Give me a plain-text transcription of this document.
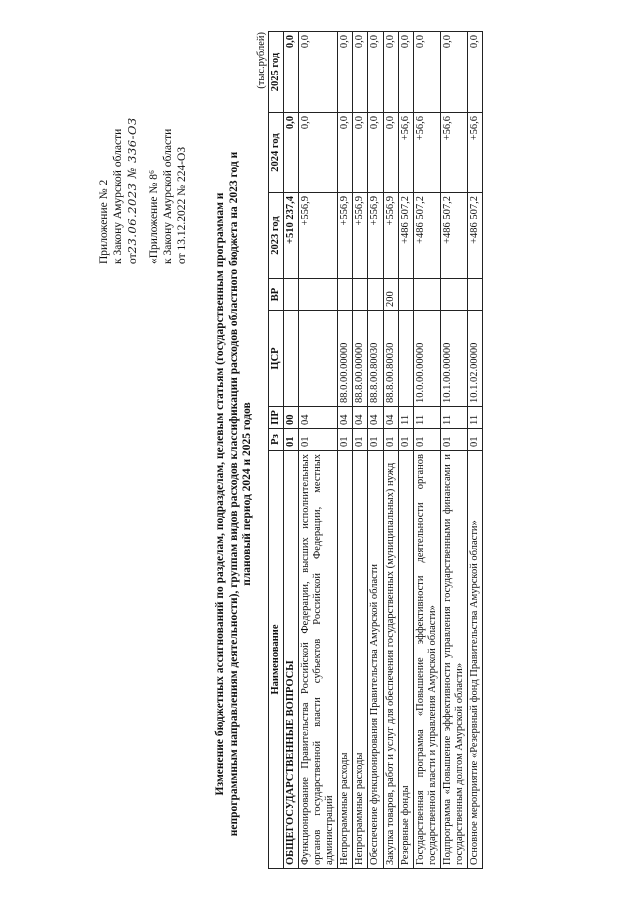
Приложение № 2 к Закону Амурской области от23.06.2023 № 336-ОЗ «Приложение № 8⁶ к Закону Амурской области от 13.12.2022 № 224-ОЗ Изменение бюджетных ассигнований по разделам, подразделам, целевым статьям (государственным программам и непрограммным направлениям деятельности), группам видов расходов классификации расходов областного бюджета на 2023 год и плановый период 2024 и 2025 годов
(тыс.рублей)
Наименование	Рз	ПР	ЦСР	ВР	2023 год	2024 год	2025 год
ОБЩЕГОСУДАРСТВЕННЫЕ ВОПРОСЫ	01	00			+510 237,4	0,0	0,0
Функционирование Правительства Российской Федерации, высших исполнительных органов государственной власти субъектов Российской Федерации, местных администраций	01	04			+556,9	0,0	0,0
Непрограммные расходы	01	04	88.0.00.00000		+556,9	0,0	0,0
Непрограммные расходы	01	04	88.8.00.00000		+556,9	0,0	0,0
Обеспечение функционирования Правительства Амурской области	01	04	88.8.00.80030		+556,9	0,0	0,0
Закупка товаров, работ и услуг для обеспечения государственных (муниципальных) нужд	01	04	88.8.00.80030	200	+556,9	0,0	0,0
Резервные фонды	01	11			+486 507,2	+56,6	0,0
Государственная программа «Повышение эффективности деятельности органов государственной власти и управления Амурской области»	01	11	10.0.00.00000		+486 507,2	+56,6	0,0
Подпрограмма «Повышение эффективности управления государственными финансами и государственным долгом Амурской области»	01	11	10.1.00.00000		+486 507,2	+56,6	0,0
Основное мероприятие «Резервный фонд Правительства Амурской области»	01	11	10.1.02.00000		+486 507,2	+56,6	0,0
